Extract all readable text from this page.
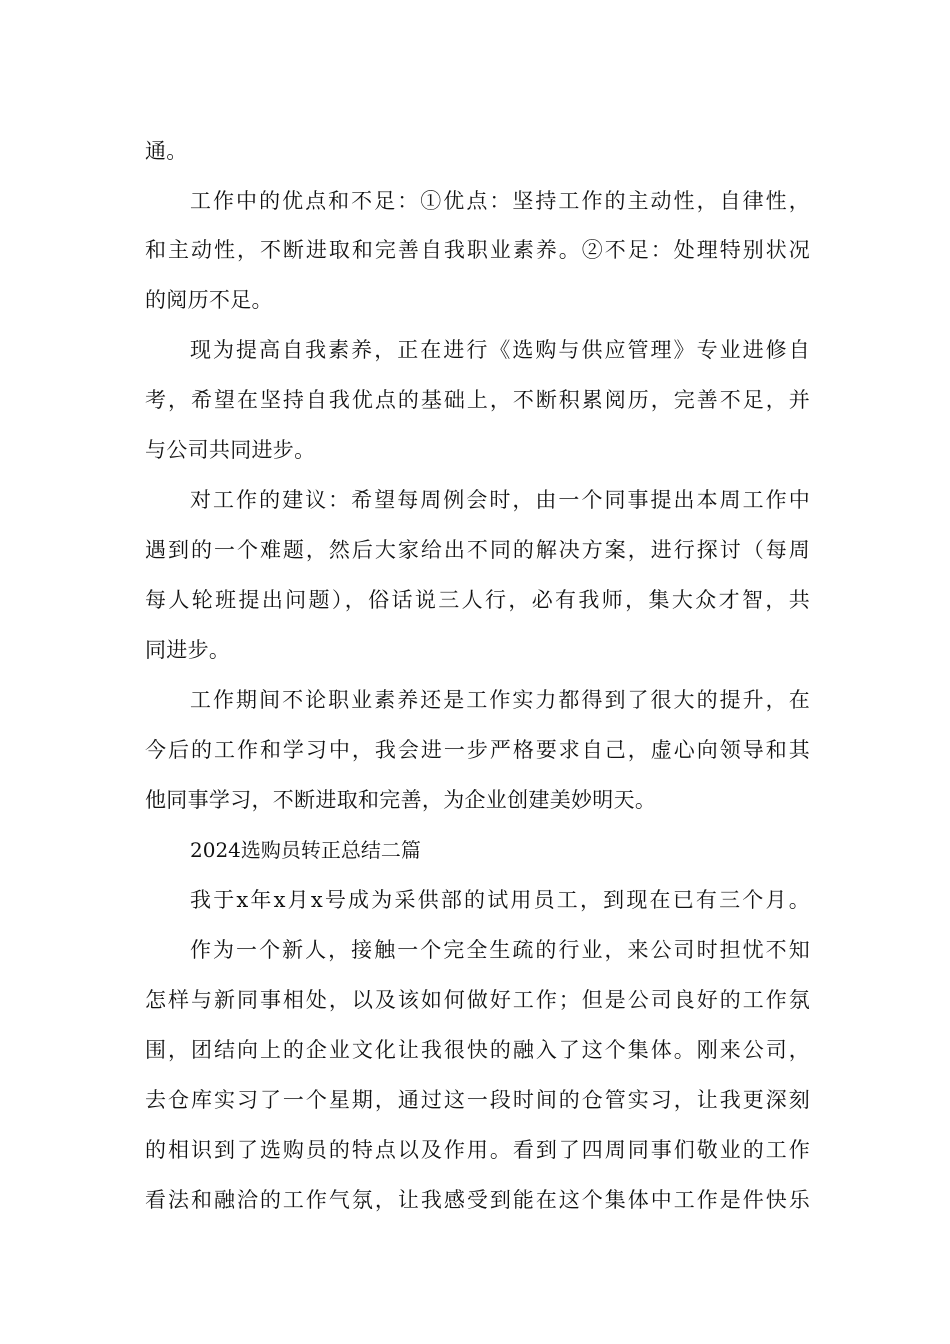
通。
工作中的优点和不足：①优点：坚持工作的主动性，自律性，
和主动性，不断进取和完善自我职业素养。②不足：处理特别状况
的阅历不足。
现为提高自我素养，正在进行《选购与供应管理》专业进修自
考，希望在坚持自我优点的基础上，不断积累阅历，完善不足，并
与公司共同进步。
对工作的建议：希望每周例会时，由一个同事提出本周工作中
遇到的一个难题，然后大家给出不同的解决方案，进行探讨（每周
每人轮班提出问题），俗话说三人行，必有我师，集大众才智，共
同进步。
工作期间不论职业素养还是工作实力都得到了很大的提升，在
今后的工作和学习中，我会进一步严格要求自己，虚心向领导和其
他同事学习，不断进取和完善，为企业创建美妙明天。
2024选购员转正总结二篇
我于x年x月x号成为采供部的试用员工，到现在已有三个月。
作为一个新人，接触一个完全生疏的行业，来公司时担忧不知
怎样与新同事相处，以及该如何做好工作；但是公司良好的工作氛
围，团结向上的企业文化让我很快的融入了这个集体。刚来公司，
去仓库实习了一个星期，通过这一段时间的仓管实习，让我更深刻
的相识到了选购员的特点以及作用。看到了四周同事们敬业的工作
看法和融洽的工作气氛，让我感受到能在这个集体中工作是件快乐
